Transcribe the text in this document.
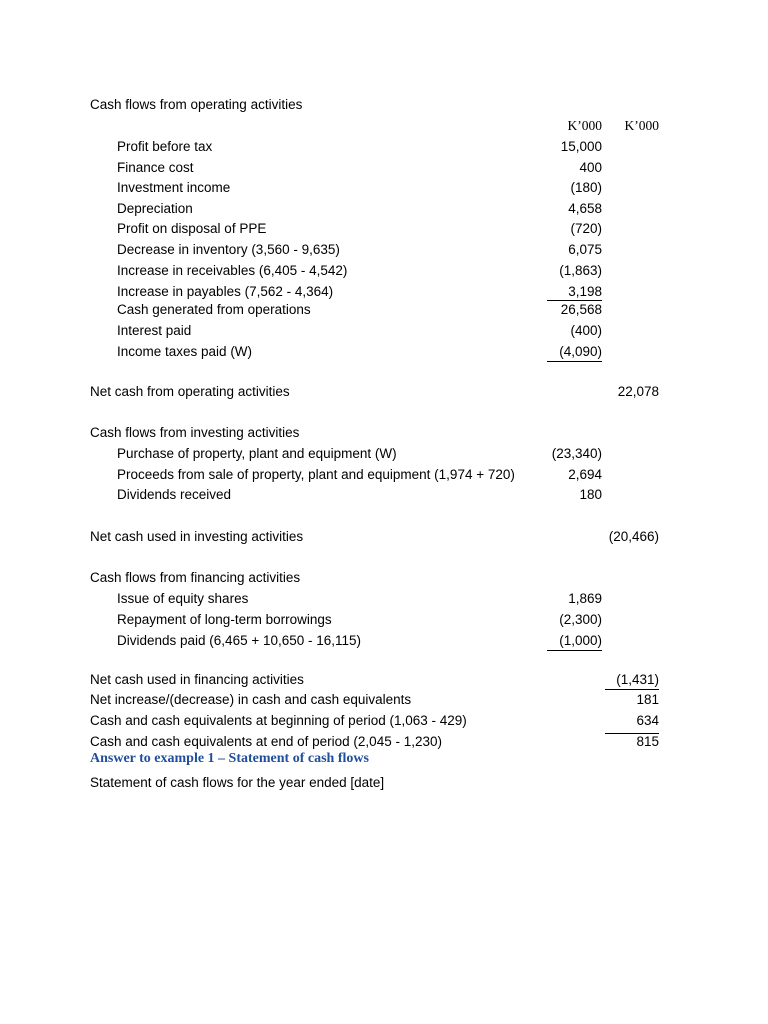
Cash flows from operating activities
K’000 K’000
Profit before tax	15,000
Finance cost	400
Investment income	(180)
Depreciation	4,658
Profit on disposal of PPE	(720)
Decrease in inventory (3,560 - 9,635)	6,075
Increase in receivables (6,405 - 4,542)	(1,863)
Increase in payables (7,562 - 4,364)	3,198
Cash generated from operations	26,568
Interest paid	(400)
Income taxes paid (W)	(4,090)
Net cash from operating activities	22,078
Cash flows from investing activities
Purchase of property, plant and equipment (W)	(23,340)
Proceeds from sale of property, plant and equipment (1,974 + 720)	2,694
Dividends received	180
Net cash used in investing activities	(20,466)
Cash flows from financing activities
Issue of equity shares	1,869
Repayment of long-term borrowings	(2,300)
Dividends paid (6,465 + 10,650 - 16,115)	(1,000)
Net cash used in financing activities	(1,431)
Net increase/(decrease) in cash and cash equivalents	181
Cash and cash equivalents at beginning of period (1,063 - 429)	634
Cash and cash equivalents at end of period (2,045 - 1,230)	815
Answer to example 1 – Statement of cash flows
Statement of cash flows for the year ended [date]
